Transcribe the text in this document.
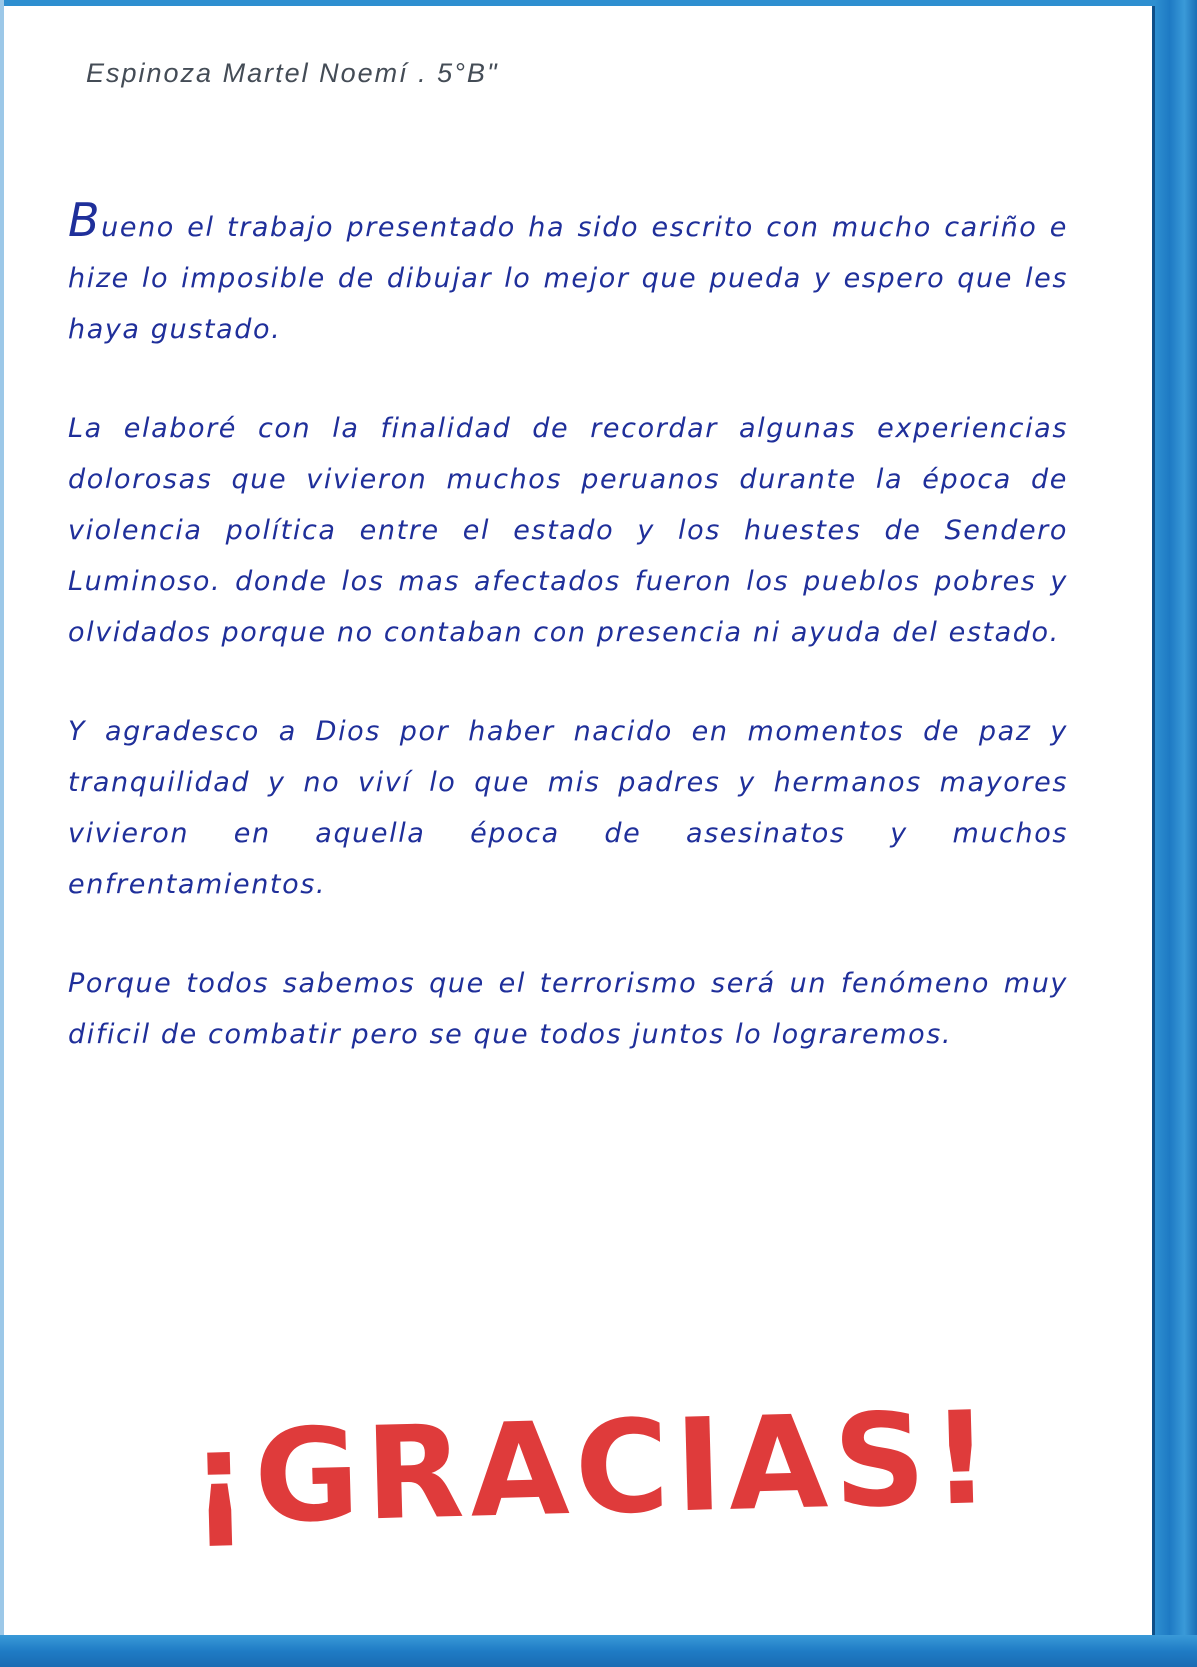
Espinoza Martel Noemí . 5°B"

Bueno el trabajo presentado ha sido escrito con mucho cariño e hize lo imposible de dibujar lo mejor que pueda y espero que les haya gustado.

La elaboré con la finalidad de recordar algunas experiencias dolorosas que vivieron muchos peruanos durante la época de violencia política entre el estado y los huestes de Sendero Luminoso. donde los mas afectados fueron los pueblos pobres y olvidados porque no contaban con presencia ni ayuda del estado.

Y agradesco a Dios por haber nacido en momentos de paz y tranquilidad y no viví lo que mis padres y hermanos mayores vivieron en aquella época de asesinatos y muchos enfrentamientos.

Porque todos sabemos que el terrorismo será un fenómeno muy dificil de combatir pero se que todos juntos lo lograremos.

¡GRACIAS!
